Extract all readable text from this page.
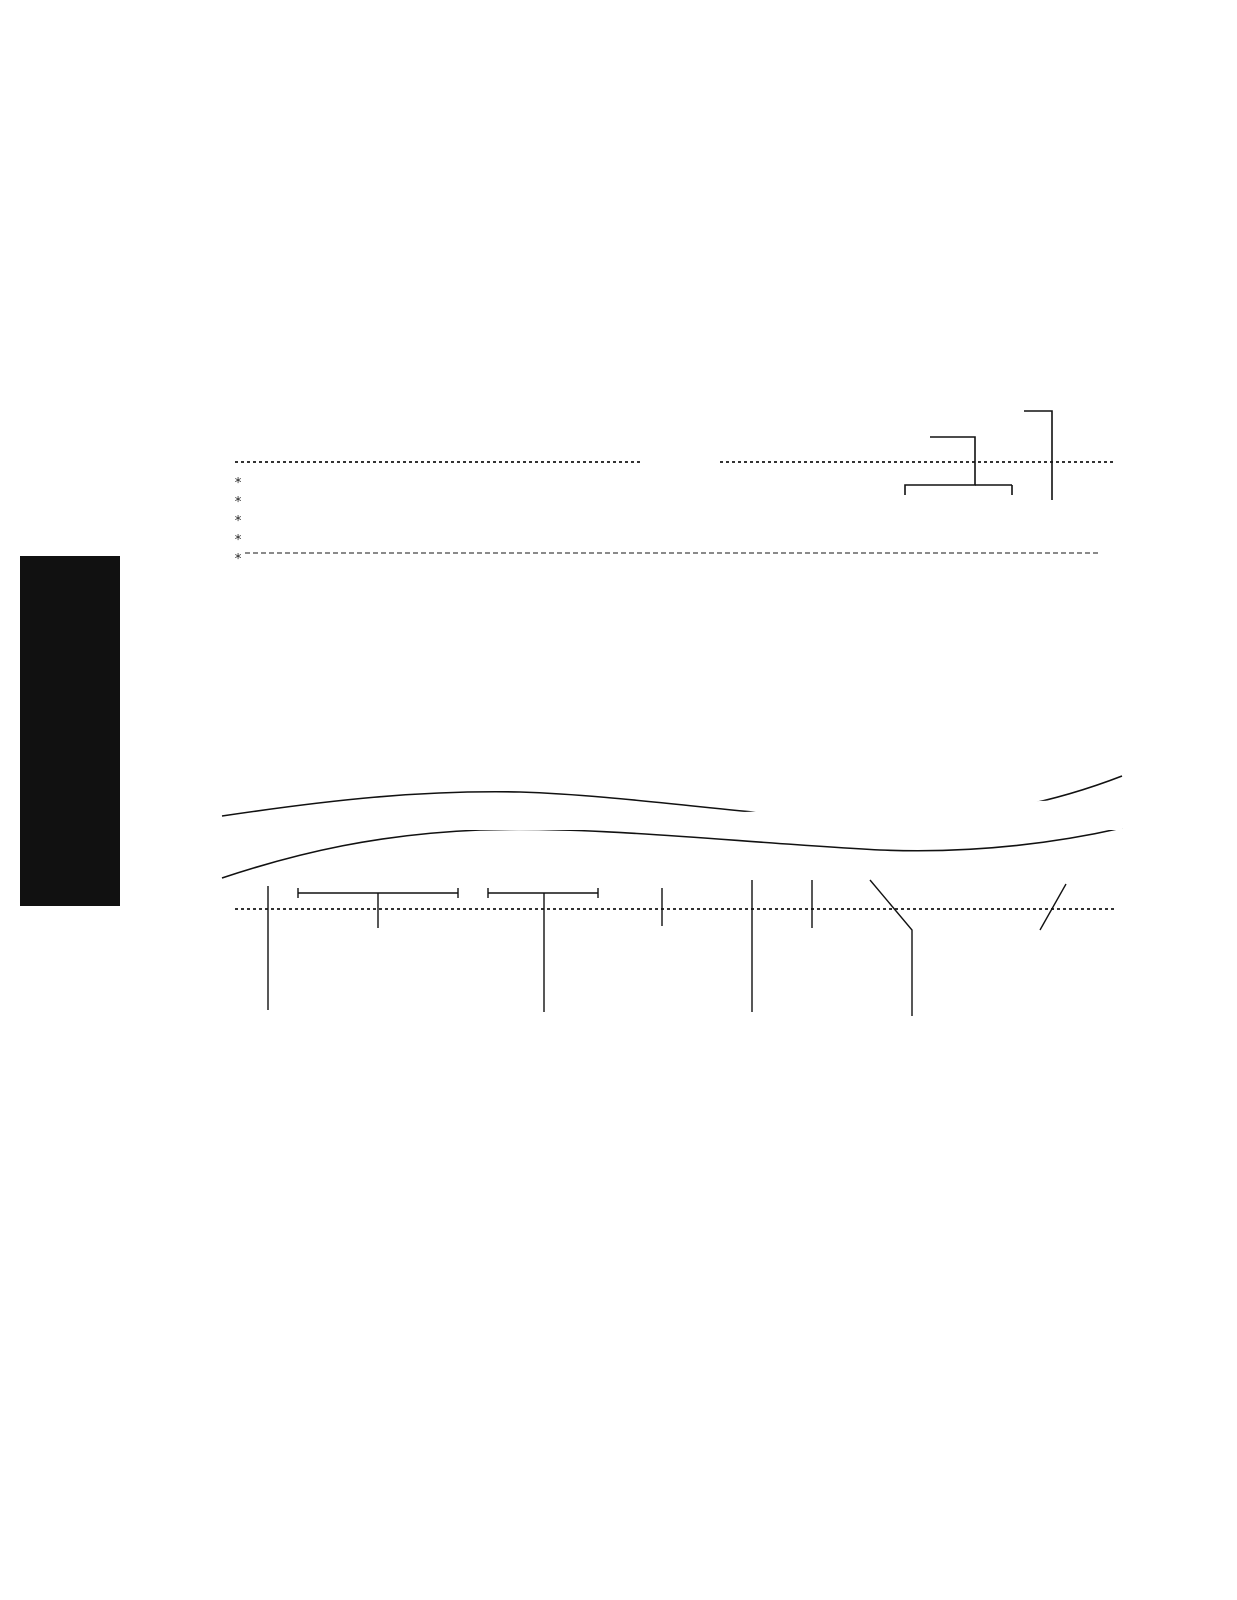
*
*
*
*
*
